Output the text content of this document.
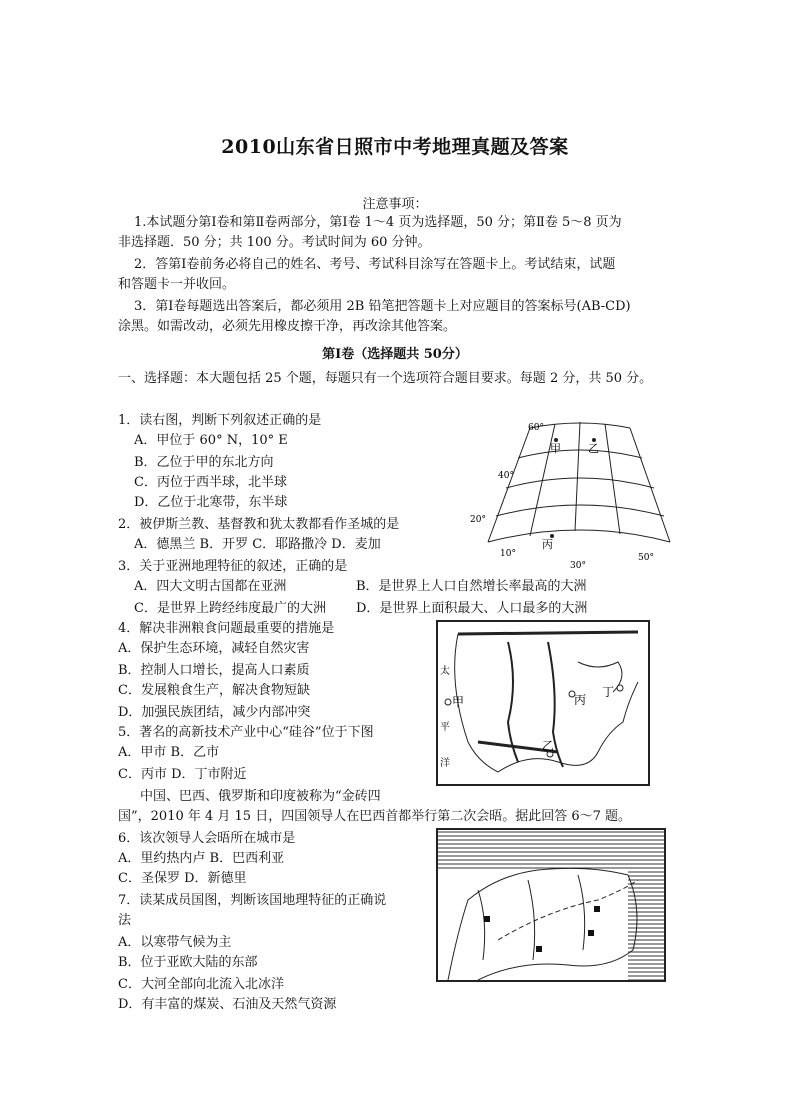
2010山东省日照市中考地理真题及答案
注意事项：
1.本试题分第Ⅰ卷和第Ⅱ卷两部分，第Ⅰ卷 1～4 页为选择题，50 分；第Ⅱ卷 5～8 页为
非选择题．50 分；共 100 分。考试时间为 60 分钟。
2．答第Ⅰ卷前务必将自己的姓名、考号、考试科目涂写在答题卡上。考试结束，试题
和答题卡一并收回。
3．第Ⅰ卷每题选出答案后，都必须用 2B 铅笔把答题卡上对应题目的答案标号(AB-CD)
涂黑。如需改动，必须先用橡皮擦干净，再改涂其他答案。
第Ⅰ卷（选择题共 50分）
一、选择题：本大题包括 25 个题，每题只有一个选项符合题目要求。每题 2 分，共 50 分。
1．读右图，判断下列叙述正确的是
A．甲位于 60° N，10° E
B．乙位于甲的东北方向
C．丙位于西半球，北半球
D．乙位于北寒带，东半球
60°
40°
20°
10°
30°
50°
甲 乙
丙
2．被伊斯兰教、基督教和犹太教都看作圣城的是
A．德黑兰 B．开罗 C．耶路撒冷 D．麦加
3．关于亚洲地理特征的叙述，正确的是
A．四大文明古国都在亚洲	B．是世界上人口自然增长率最高的大洲
C．是世界上跨经纬度最广的大洲 D．是世界上面积最大、人口最多的大洲
4．解决非洲粮食问题最重要的措施是
A．保护生态环境，减轻自然灾害
B．控制人口增长，提高人口素质
C．发展粮食生产，解决食物短缺
D．加强民族团结，减少内部冲突
5．著名的高新技术产业中心“硅谷”位于下图
A．甲市 B．乙市
C．丙市 D．丁市附近
太
平
洋
甲
乙
丙
丁
中国、巴西、俄罗斯和印度被称为“金砖四
国”，2010 年 4 月 15 日，四国领导人在巴西首都举行第二次会晤。据此回答 6～7 题。
6．该次领导人会晤所在城市是
A．里约热内卢 B．巴西利亚
C．圣保罗 D．新德里
7．读某成员国图，判断该国地理特征的正确说
法
A．以寒带气候为主
B．位于亚欧大陆的东部
C．大河全部向北流入北冰洋
D．有丰富的煤炭、石油及天然气资源
